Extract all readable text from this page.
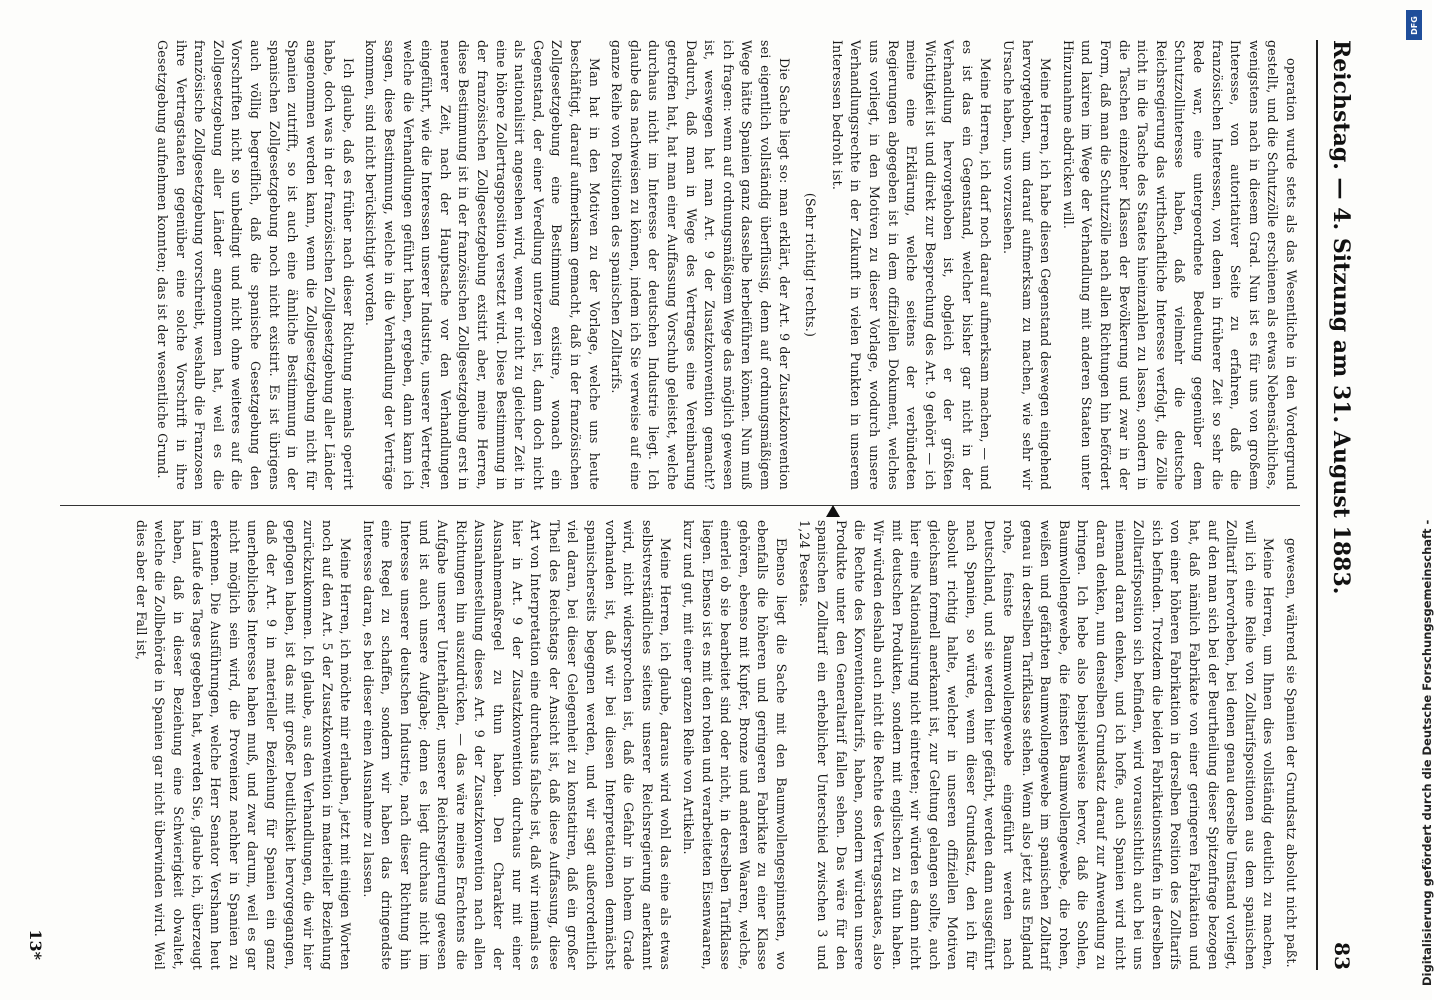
Reichstag. — 4. Sitzung am 31. August 1883.
83

operation wurde stets als das Wesentliche in den Vordergrund gestellt, und die Schutzzölle erschienen als etwas Nebensächliches, wenigstens nach in diesem Grad. Nun ist es für uns von großem Interesse, von autoritativer Seite zu erfahren, daß die französischen Interessen, von denen in früherer Zeit so sehr die Rede war, eine untergeordnete Bedeutung gegenüber dem Schutzzollinteresse haben, daß vielmehr die deutsche Reichsregierung das wirthschaftliche Interesse verfolgt, die Zölle nicht in die Tasche des Staates hineinzahlen zu lassen, sondern in die Taschen einzelner Klassen der Bevölkerung und zwar in der Form, daß man die Schutzzölle nach allen Richtungen hin befördert und laxiren im Wege der Verhandlung mit anderen Staaten unter Hinzunahme abdrücken will.

Meine Herren, ich habe diesen Gegenstand deswegen eingehend hervorgehoben, um darauf aufmerksam zu machen, wie sehr wir Ursache haben, uns vorzusehen.

Meine Herren, ich darf noch darauf aufmerksam machen, — und es ist das ein Gegenstand, welcher bisher gar nicht in der Verhandlung hervorgehoben ist, obgleich er der größten Wichtigkeit ist und direkt zur Besprechung des Art. 9 gehört — ich meine eine Erklärung, welche seitens der verbündeten Regierungen abgegeben ist in dem offiziellen Dokument, welches uns vorliegt, in den Motiven zu dieser Vorlage, wodurch unsere Verhandlungsrechte in der Zukunft in vielen Punkten in unserem Interessen bedroht ist.

(Sehr richtig! rechts.)

Die Sache liegt so: man erklärt, der Art. 9 der Zusatzkonvention sei eigentlich vollständig überflüssig, denn auf ordnungsmäßigem Wege hätte Spanien ganz dasselbe herbeiführen können. Nun muß ich fragen: wenn auf ordnungsmäßigem Wege das möglich gewesen ist, weswegen hat man Art. 9 der Zusatzkonvention gemacht? Dadurch, daß man in Wege des Vertrages eine Vereinbarung getroffen hat, hat man einer Auffassung Vorschub geleistet, welche durchaus nicht im Interesse der deutschen Industrie liegt. Ich glaube das nachweisen zu können, indem ich Sie verweise auf eine ganze Reihe von Positionen des spanischen Zolltarifs.

Man hat in den Motiven zu der Vorlage, welche uns heute beschäftigt, darauf aufmerksam gemacht, daß in der französischen Zollgesetzgebung eine Bestimmung existire, wonach ein Gegenstand, der einer Veredlung unterzogen ist, dann doch nicht als nationalisirt angesehen wird, wenn er nicht zu gleicher Zeit in eine höhere Zollertragsposition versetzt wird. Diese Bestimmung in der französischen Zollgesetzgebung existirt aber, meine Herren, diese Bestimmung ist in der französischen Zollgesetzgebung erst in neuerer Zeit, nach der Hauptsache vor den Verhandlungen eingeführt, wie die Interessen unserer Industrie, unserer Vertreter, welche die Verhandlungen geführt haben, ergeben, dann kann ich sagen, diese Bestimmung, welche in die Verhandlung der Verträge kommen, sind nicht berücksichtigt worden.

Ich glaube, daß es früher nach dieser Richtung niemals operirt habe, doch was in der französischen Zollgesetzgebung aller Länder angenommen werden kann, wenn die Zollgesetzgebung nicht für Spanien zutrifft, so ist auch eine ähnliche Bestimmung in der spanischen Zollgesetzgebung noch nicht existirt. Es ist übrigens auch völlig begreiflich, daß die spanische Gesetzgebung den Vorschriften nicht so unbedingt und nicht ohne weiteres auf die Zollgesetzgebung aller Länder angenommen hat, weil es die französische Zollgesetzgebung vorschreibt, weshalb die Franzosen ihre Vertragstaaten gegenüber eine solche Vorschrift in ihre Gesetzgebung aufnehmen konnten; das ist der wesentliche Grund.

gewesen, während sie Spanien der Grundsatz absolut nicht paßt.

Meine Herren, um Ihnen dies vollständig deutlich zu machen, will ich eine Reihe von Zolltarifspositionen aus dem spanischen Zolltarif hervorheben, bei denen genau derselbe Umstand vorliegt, auf den man sich bei der Beurtheilung dieser Spitzenfrage bezogen hat, daß nämlich Fabrikate von einer geringeren Fabrikation und von einer höheren Fabrikation in derselben Position des Zolltarifs sich befinden. Trotzdem die beiden Fabrikationsstufen in derselben Zolltarifsposition sich befinden, wird voraussichtlich auch bei uns niemand daran denken, und ich hoffe, auch Spanien wird nicht daran denken, nun denselben Grundsatz darauf zur Anwendung zu bringen. Ich hebe also beispielsweise hervor, daß die Sohlen, Baumwollengewebe, die feinsten Baumwollengewebe, die rohen, weißen und gefärbten Baumwollengewebe im spanischen Zolltarif genau in derselben Tarifklasse stehen. Wenn also jetzt aus England rohe, feinste Baumwollengewebe eingeführt werden nach Deutschland, und sie werden hier gefärbt, werden dann ausgeführt nach Spanien, so würde, wenn dieser Grundsatz, den ich für absolut richtig halte, welcher in unseren offiziellen Motiven gleichsam formell anerkannt ist, zur Geltung gelangen sollte, auch hier eine Nationalisirung nicht eintreten; wir würden es dann nicht mit deutschen Produkten, sondern mit englischen zu thun haben. Wir würden deshalb auch nicht die Rechte des Vertragsstaates, also die Rechte des Konventionaltarifs, haben, sondern würden unsere Produkte unter den Generaltarif fallen sehen. Das wäre für den spanischen Zolltarif ein erheblicher Unterschied zwischen 3 und 1,24 Pesetas.

Ebenso liegt die Sache mit den Baumwollengespinnsten, wo ebenfalls die höheren und geringeren Fabrikate zu einer Klasse gehören, ebenso mit Kupfer, Bronze und anderen Waaren, welche, einerlei ob sie bearbeitet sind oder nicht, in derselben Tarifklasse liegen. Ebenso ist es mit den rohen und verarbeiteten Eisenwaaren, kurz und gut, mit einer ganzen Reihe von Artikeln.

Meine Herren, ich glaube, daraus wird wohl das eine als etwas selbstverständliches seitens unserer Reichsregierung anerkannt wird, nicht widersprochen ist, daß die Gefahr in hohem Grade vorhanden ist, daß wir bei diesen Interpretationen demnächst spanischerseits begegnen werden, und wir sagt außerordentlich viel daran, bei dieser Gelegenheit zu konstatiren, daß ein großer Theil des Reichstags der Ansicht ist, daß diese Auffassung, diese Art von Interpretation eine durchaus falsche ist, daß wir niemals es hier in Art. 9 der Zusatzkonvention durchaus nur mit einer Ausnahmemaßregel zu thun haben. Den Charakter der Ausnahmestellung dieses Art. 9 der Zusatzkonvention nach allen Richtungen hin auszudrücken, — das wäre meines Erachtens die Aufgabe unserer Unterhändler, unserer Reichsregierung gewesen und ist auch unsere Aufgabe; denn es liegt durchaus nicht im Interesse unserer deutschen Industrie, nach dieser Richtung hin eine Regel zu schaffen, sondern wir haben das dringendste Interesse daran, es bei dieser einen Ausnahme zu lassen.

Meine Herren, ich möchte mir erlauben, jetzt mit einigen Worten noch auf den Art. 5 der Zusatzkonvention in materieller Beziehung zurückzukommen. Ich glaube, aus den Verhandlungen, die wir hier gepflogen haben, ist das mit großer Deutlichkeit hervorgegangen, daß der Art. 9 in materieller Beziehung für Spanien ein ganz unerhebliches Interesse haben muß, und zwar darum, weil es gar nicht möglich sein wird, die Provenienz nachher in Spanien zu erkennen. Die Ausführungen, welche Herr Senator Vershann heut im Laufe des Tages gegeben hat, werden Sie, glaube ich, überzeugt haben, daß in dieser Beziehung eine Schwierigkeit obwaltet, welche die Zollbehörde in Spanien gar nicht überwinden wird. Weil dies aber der Fall ist,

13*
DFG
Digitalisierung gefördert durch die Deutsche Forschungsgemeinschaft -
